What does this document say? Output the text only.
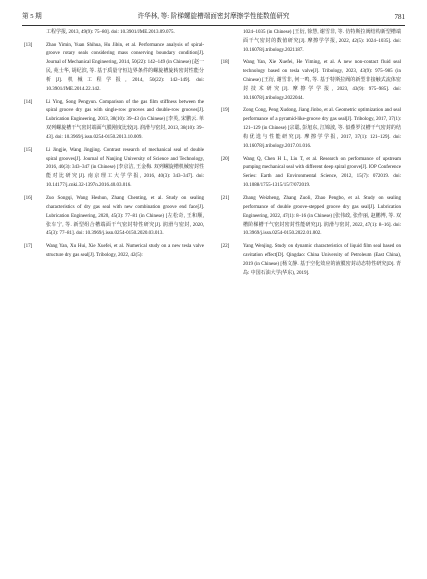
第 5 期	许华林, 等: 阶梯螺旋槽端面密封摩擦学性能数值研究	781
工程学报, 2013, 49(9): 75–80]. doi: 10.3901/JME.2013.09.075.
[13]	Zhao Yimin, Yuan Shihua, Hu Jibin, et al. Performance analysis of spiral-groove rotary seals considering mass conserving boundary condition[J]. Journal of Mechanical Engineering, 2014, 50(22): 142–149 (in Chinese) [赵一民, 苑士华, 胡纪滨, 等. 基于质量守恒边界条件的螺旋槽旋转密封性能分析[J]. 机械工程学报, 2014, 50(22): 142–149]. doi: 10.3901/JME.2014.22.142.
[14]	Li Ying, Song Pengyun. Comparison of the gas film stiffness between the spiral groove dry gas with single-row grooves and double-row grooves[J]. Lubrication Engineering, 2013, 38(10): 39–43 (in Chinese) [李英, 宋鹏云. 单双列螺旋槽干气密封端面气膜刚度比较[J]. 润滑与密封, 2013, 38(10): 39–43]. doi: 10.3969/j.issn.0254-0150.2013.10.009.
[15]	Li Jingjie, Wang Jingjing. Contrast research of mechanical seal of double spiral grooves[J]. Journal of Nanjing University of Science and Technology, 2016, 40(3): 343–347 (in Chinese) [李京洁, 王金梅. 双列螺旋槽机械密封性能对比研究[J]. 南京理工大学学报, 2016, 40(3): 343–347]. doi: 10.14177/j.cnki.32-1397n.2016.40.03.016.
[16]	Zuo Songqi, Wang Heshun, Zhang Chenting, et al. Study on sealing characteristics of dry gas seal with new combination groove end face[J]. Lubrication Engineering, 2020, 45(3): 77–81 (in Chinese) [左松奇, 王和顺, 张车宁, 等. 新型组合槽端面干气密封特性研究[J]. 润滑与密封, 2020, 45(3): 77–81]. doi: 10.3969/j.issn.0254-0150.2020.03.013.
[17]	Wang Yan, Xu Hui, Xie Xuefei, et al. Numerical study on a new tesla valve structure dry gas seal[J]. Tribology, 2022, 42(5):
1024–1035 (in Chinese) [王衍, 徐慧, 谢雪非, 等. 仿特斯拉阀结构新型槽端面干气密封的数值研究[J]. 摩擦学学报, 2022, 42(5): 1024–1035]. doi: 10.16078/j.tribology.2021187.
[18]	Wang Yan, Xie Xuefei, He Yiming, et al. A new non-contact fluid seal technology based on tesla valve[J]. Tribology, 2023, 43(9): 975–985 (in Chinese) [王衍, 谢雪非, 何一鸣, 等. 基于特斯拉阀的新型非接触式流体密封技术研究[J]. 摩擦学学报, 2023, 43(9): 975–985]. doi: 10.16078/j.tribology.2022044.
[19]	Zong Cong, Peng Xudong, Jiang Jinbo, et al. Geometric optimization and seal performance of a pyramid-like-groove dry gas seal[J]. Tribology, 2017, 37(1): 121–129 (in Chinese) [宗聪, 彭旭东, 江锦波, 等. 似叠罗汉槽干气密封的结构优选与性能研究[J]. 摩擦学学报, 2017, 37(1): 121–129]. doi: 10.16078/j.tribology.2017.01.016.
[20]	Wang Q, Chen H L, Liu T, et al. Research on performance of upstream pumping mechanical seal with different deep spiral groove[J]. IOP Conference Series: Earth and Environmental Science, 2012, 15(7): 072019. doi: 10.1088/1755-1315/15/7/072019.
[21]	Zhang Weizheng, Zhang Zuoli, Zhao Pengbo, et al. Study on sealing performance of double groove-stepped groove dry gas seal[J]. Lubrication Engineering, 2022, 47(1): 8–16 (in Chinese) [张伟政, 张作丽, 赵鹏博, 等. 双槽阶梯槽干气密封密封性能研究[J]. 润滑与密封, 2022, 47(1): 8–16]. doi: 10.3969/j.issn.0254-0150.2022.01.002.
[22]	Yang Wenjing. Study on dynamic characteristics of liquid film seal based on cavitation effect[D]. Qingdao: China University of Petroleum (East China), 2019 (in Chinese) [杨文静. 基于空化效应的液膜密封动态特性研究[D]. 青岛: 中国石油大学(华东), 2019].
